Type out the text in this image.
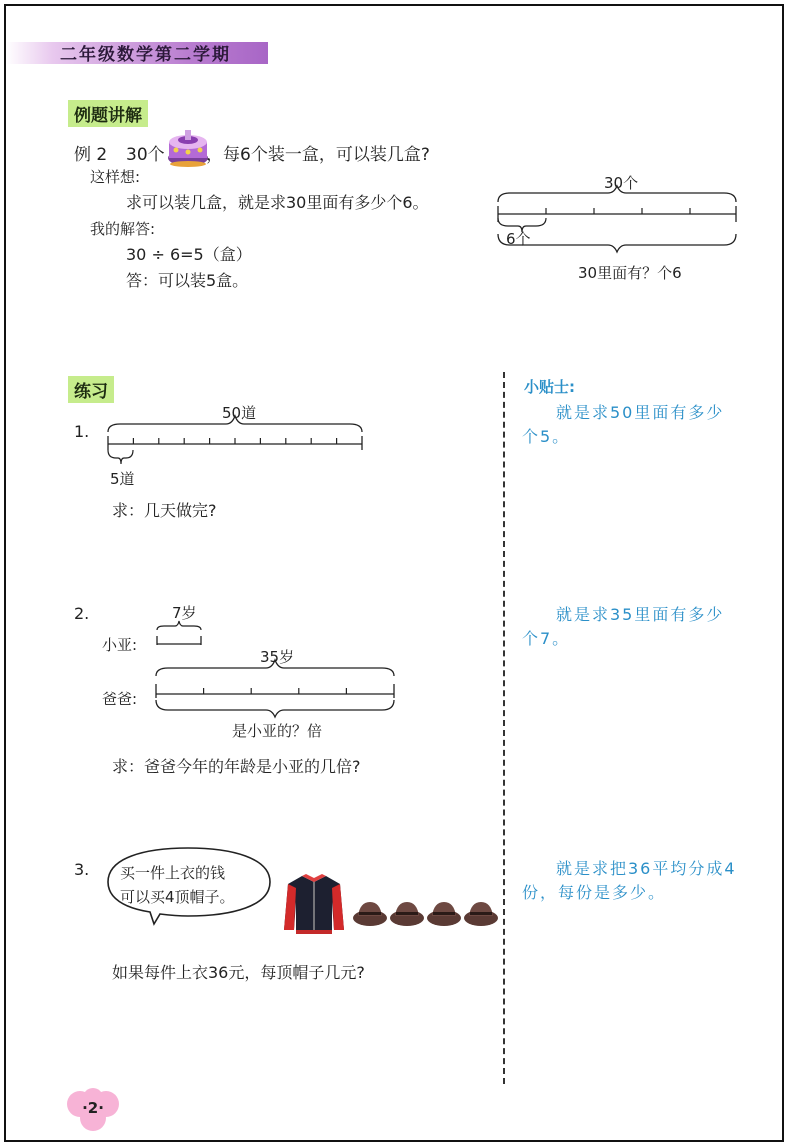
二年级数学第二学期
例题讲解
例 2 30个 ，每6个装一盒，可以装几盒?
这样想:
求可以装几盒，就是求30里面有多少个6。
我的解答:
30 ÷ 6=5（盒）
答：可以装5盒。
30个
6个
30里面有？个6
练习
1.
50道
5道
求：几天做完?
2.	7岁
小亚:
35岁
爸爸:
是小亚的？倍
求：爸爸今年的年龄是小亚的几倍?
3. 买一件上衣的钱
可以买4顶帽子。
如果每件上衣36元，每顶帽子几元?
小贴士:
就是求50里面有多少
个5。
就是求35里面有多少
个7。
就是求把36平均分成4
份，每份是多少。
·2·
